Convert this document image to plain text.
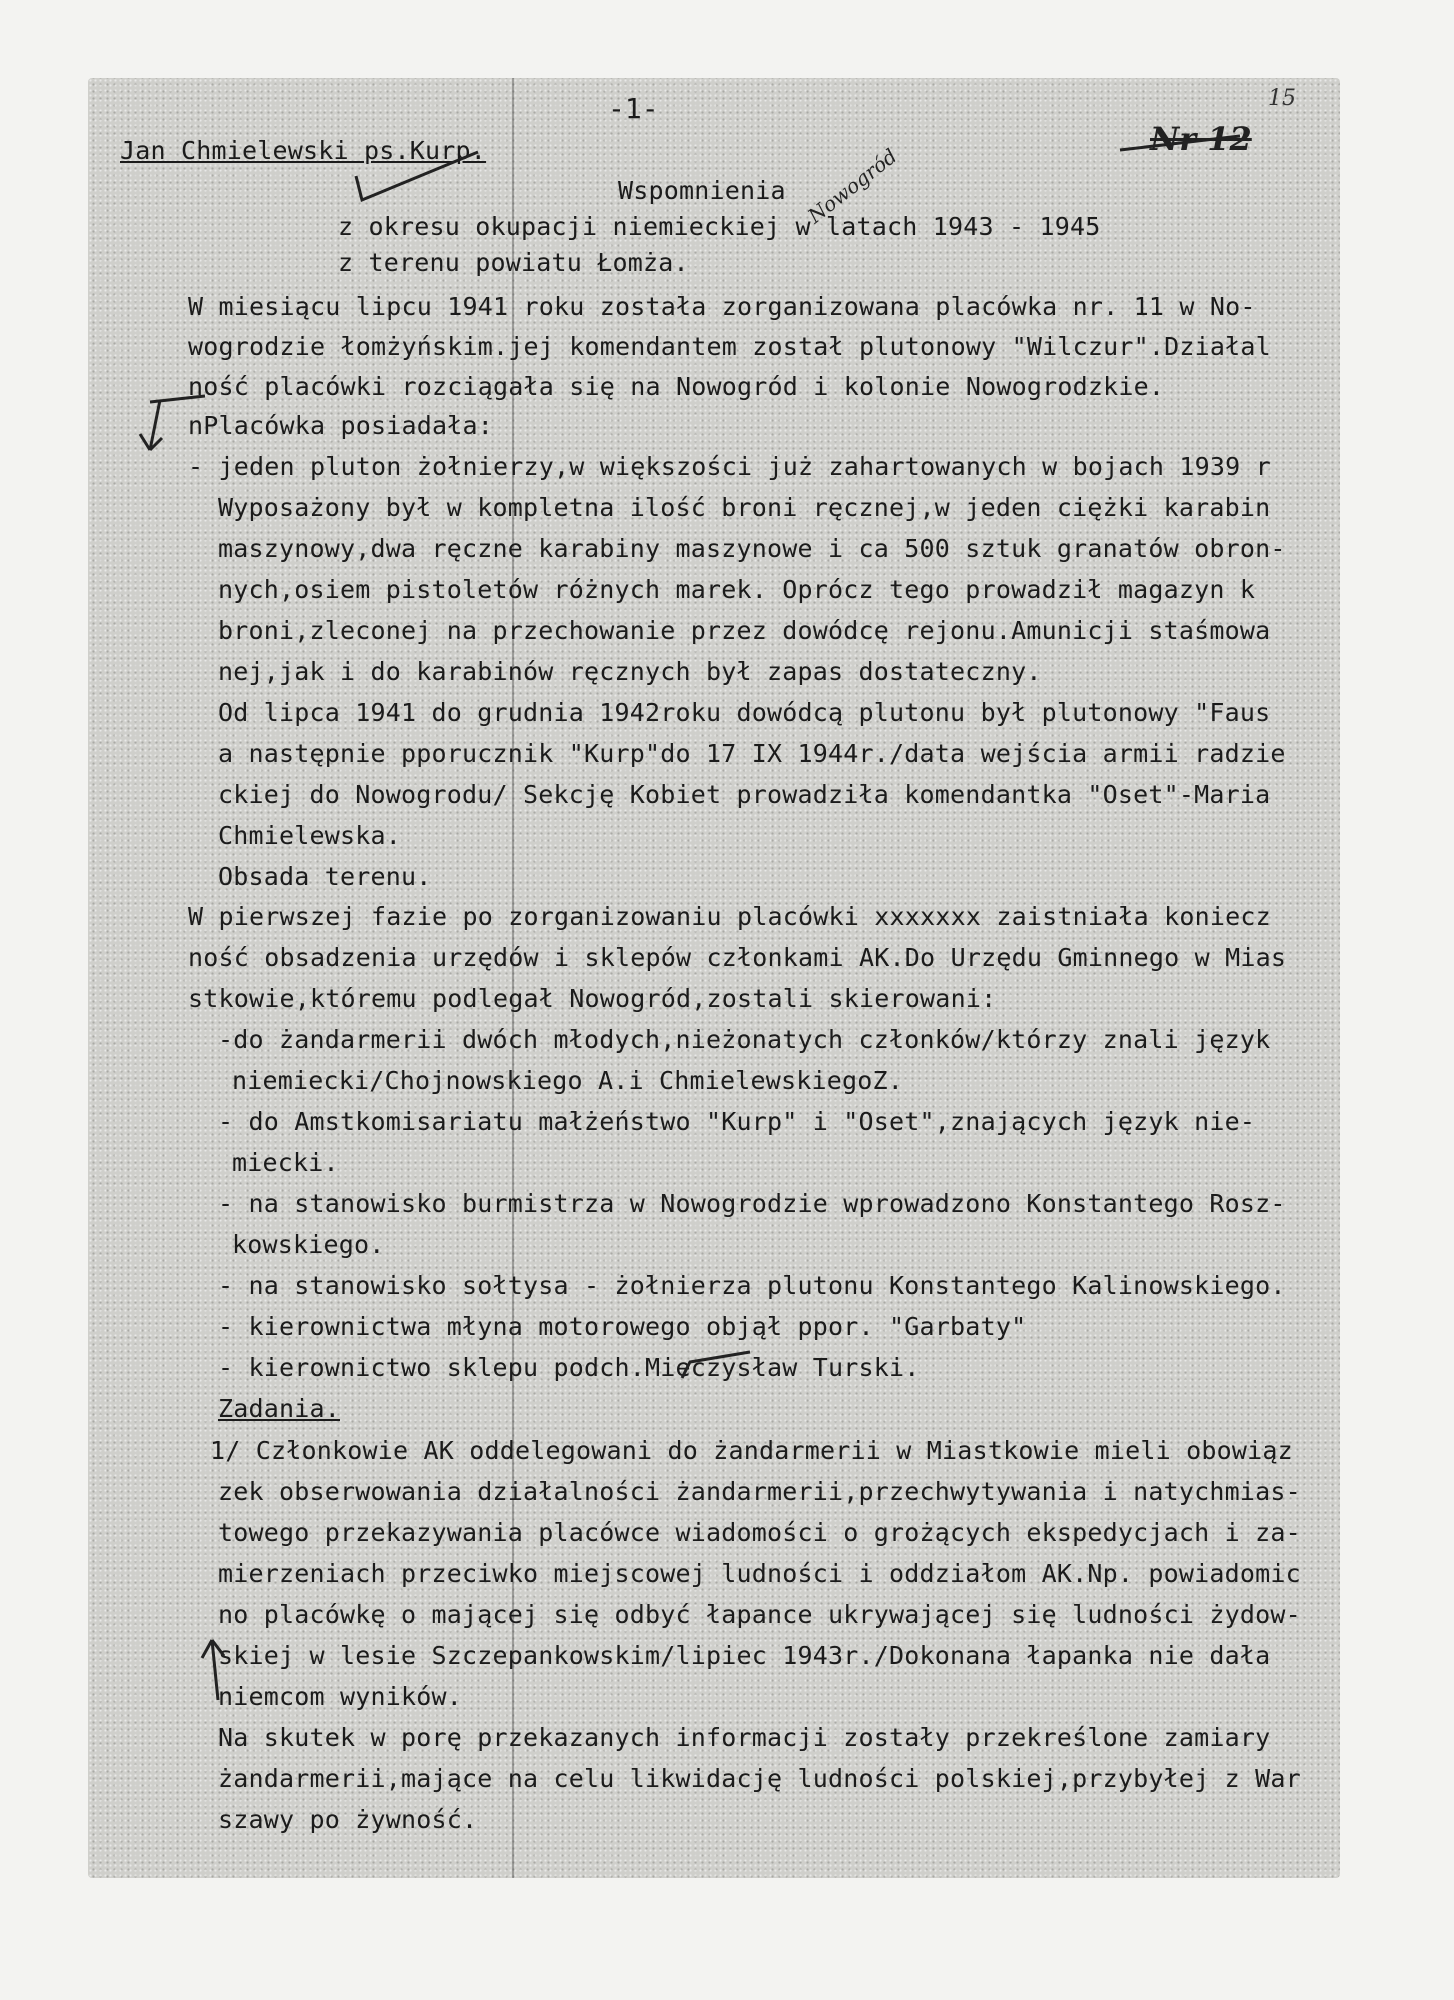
-1-	15
Nr 12
Nowogród
Jan Chmielewski ps.Kurp.
Wspomnienia
z okresu okupacji niemieckiej w latach 1943 - 1945
z terenu powiatu Łomża.
W miesiącu lipcu 1941 roku została zorganizowana placówka nr. 11 w No-
wogrodzie łomżyńskim.jej komendantem został plutonowy "Wilczur".Działal
ność placówki rozciągała się na Nowogród i kolonie Nowogrodzkie.
nPlacówka posiadała:
- jeden pluton żołnierzy,w większości już zahartowanych w bojach 1939 r
Wyposażony był w kompletna ilość broni ręcznej,w jeden ciężki karabin
maszynowy,dwa ręczne karabiny maszynowe i ca 500 sztuk granatów obron-
nych,osiem pistoletów różnych marek. Oprócz tego prowadził magazyn k
broni,zleconej na przechowanie przez dowódcę rejonu.Amunicji staśmowa
nej,jak i do karabinów ręcznych był zapas dostateczny.
Od lipca 1941 do grudnia 1942roku dowódcą plutonu był plutonowy "Faus
a następnie pporucznik "Kurp"do 17 IX 1944r./data wejścia armii radzie
ckiej do Nowogrodu/ Sekcję Kobiet prowadziła komendantka "Oset"-Maria
Chmielewska.
Obsada terenu.
W pierwszej fazie po zorganizowaniu placówki xxxxxxx zaistniała koniecz
ność obsadzenia urzędów i sklepów członkami AK.Do Urzędu Gminnego w Mias
stkowie,któremu podlegał Nowogród,zostali skierowani:
-do żandarmerii dwóch młodych,nieżonatych członków/którzy znali język
niemiecki/Chojnowskiego A.i ChmielewskiegoZ.
- do Amstkomisariatu małżeństwo "Kurp" i "Oset",znających język nie-
miecki.
- na stanowisko burmistrza w Nowogrodzie wprowadzono Konstantego Rosz-
kowskiego.
- na stanowisko sołtysa - żołnierza plutonu Konstantego Kalinowskiego.
- kierownictwa młyna motorowego objął ppor. "Garbaty"
- kierownictwo sklepu podch.Mieczysław Turski.
Zadania.
1/ Członkowie AK oddelegowani do żandarmerii w Miastkowie mieli obowiąz
zek obserwowania działalności żandarmerii,przechwytywania i natychmias-
towego przekazywania placówce wiadomości o grożących ekspedycjach i za-
mierzeniach przeciwko miejscowej ludności i oddziałom AK.Np. powiadomic
no placówkę o mającej się odbyć łapance ukrywającej się ludności żydow-
skiej w lesie Szczepankowskim/lipiec 1943r./Dokonana łapanka nie dała
niemcom wyników.
Na skutek w porę przekazanych informacji zostały przekreślone zamiary
żandarmerii,mające na celu likwidację ludności polskiej,przybyłej z War
szawy po żywność.
